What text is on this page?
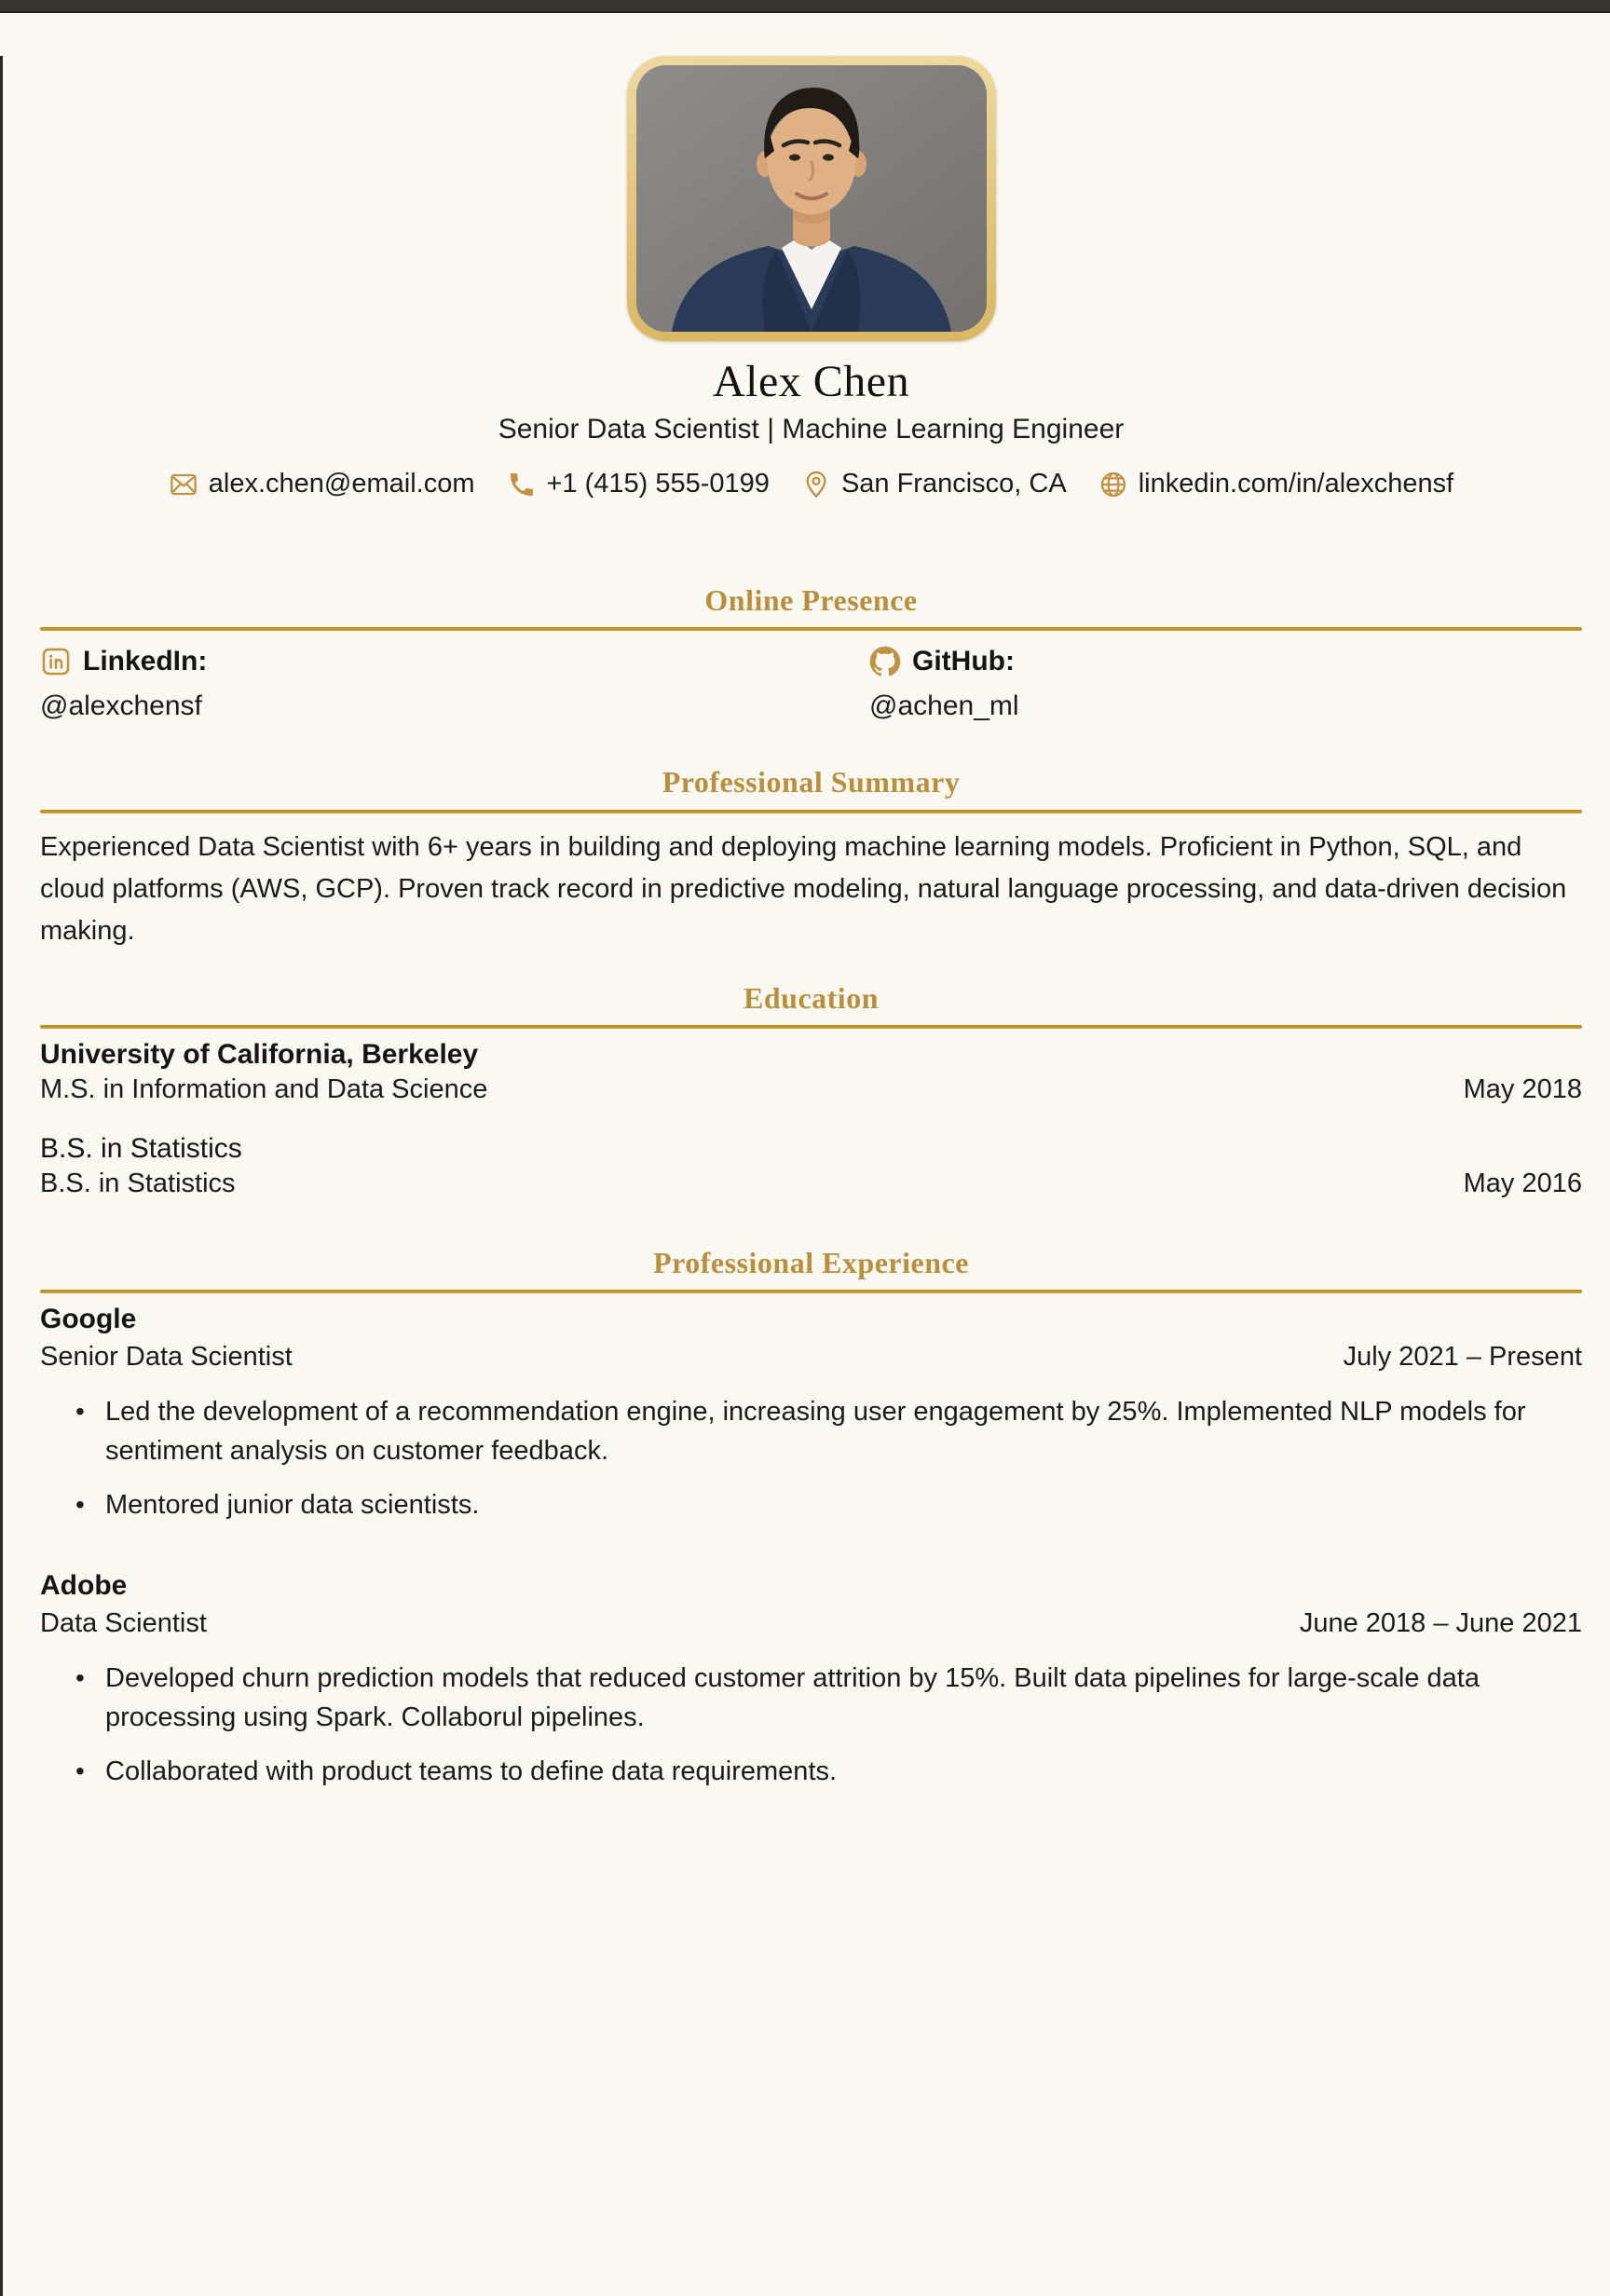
Alex Chen
Senior Data Scientist | Machine Learning Engineer
alex.chen@email.com	+1 (415) 555-0199	San Francisco, CA	linkedin.com/in/alexchensf
Online Presence
LinkedIn:
@alexchensf
GitHub:
@achen_ml
Professional Summary

Experienced Data Scientist with 6+ years in building and deploying machine learning models. Proficient in Python, SQL, and cloud platforms (AWS, GCP). Proven track record in predictive modeling, natural language processing, and data-driven decision making.

Education
University of California, Berkeley
M.S. in Information and Data Science	May 2018
B.S. in Statistics
B.S. in Statistics	May 2016
Professional Experience
Google
Senior Data Scientist	July 2021 – Present
• Led the development of a recommendation engine, increasing user engagement by 25%. Implemented NLP models for sentiment analysis on customer feedback.
• Mentored junior data scientists.
Adobe
Data Scientist	June 2018 – June 2021
• Developed churn prediction models that reduced customer attrition by 15%. Built data pipelines for large-scale data processing using Spark. Collaborul pipelines.
• Collaborated with product teams to define data requirements.
